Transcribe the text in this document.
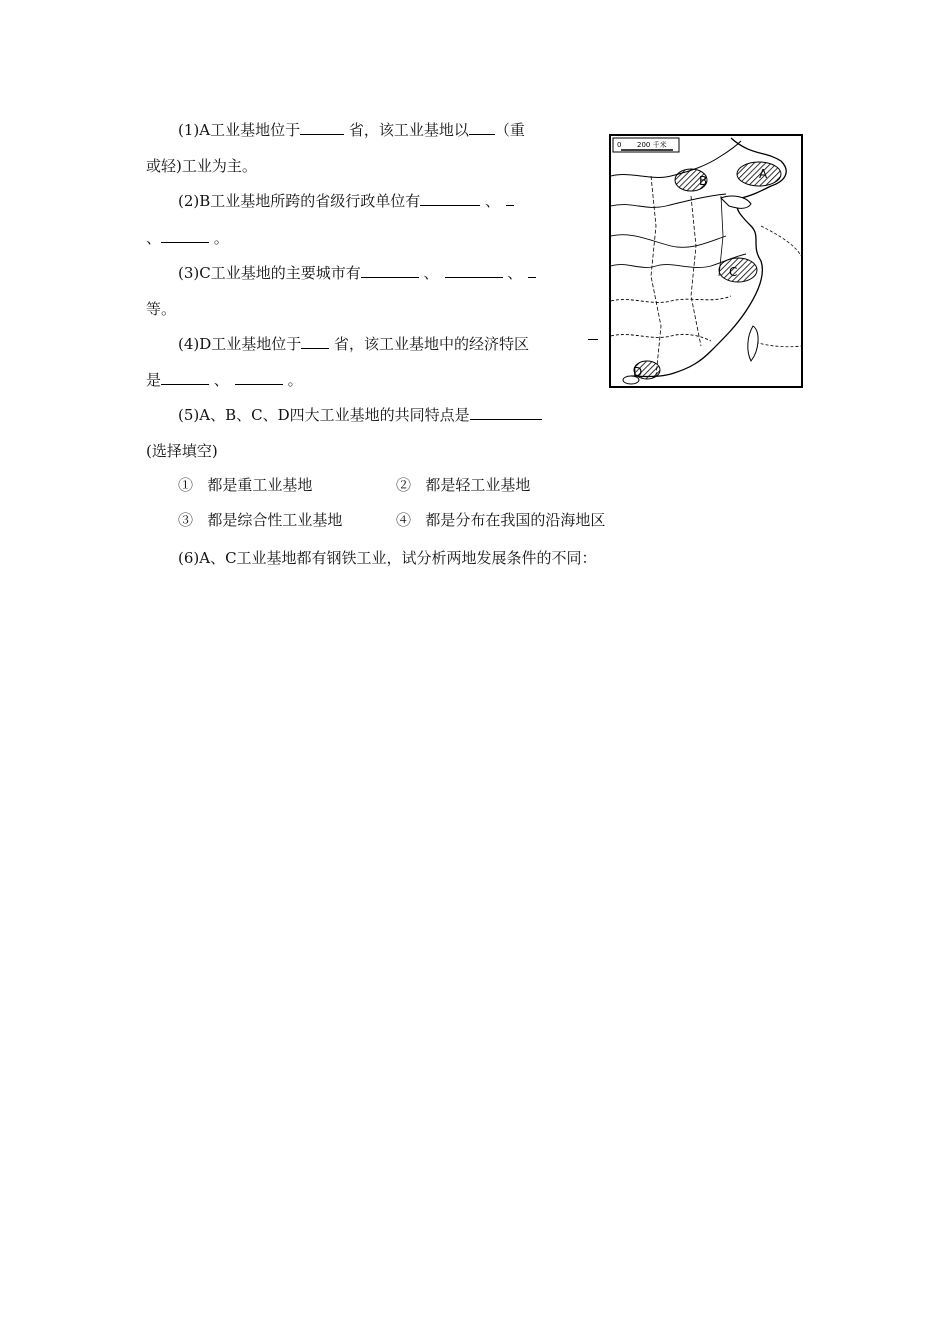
(1)A工业基地位于	省，该工业基地以 （重
或轻)工业为主。
(2)B工业基地所跨的省级行政单位有	、
、	。
(3)C工业基地的主要城市有	、	、
等。
(4)D工业基地位于 省，该工业基地中的经济特区
是	、	。
(5)A、B、C、D四大工业基地的共同特点是
(选择填空)
① 都是重工业基地	② 都是轻工业基地
③ 都是综合性工业基地	④ 都是分布在我国的沿海地区
(6)A、C工业基地都有钢铁工业，试分析两地发展条件的不同：
0 200 千米
B	A
C
D
